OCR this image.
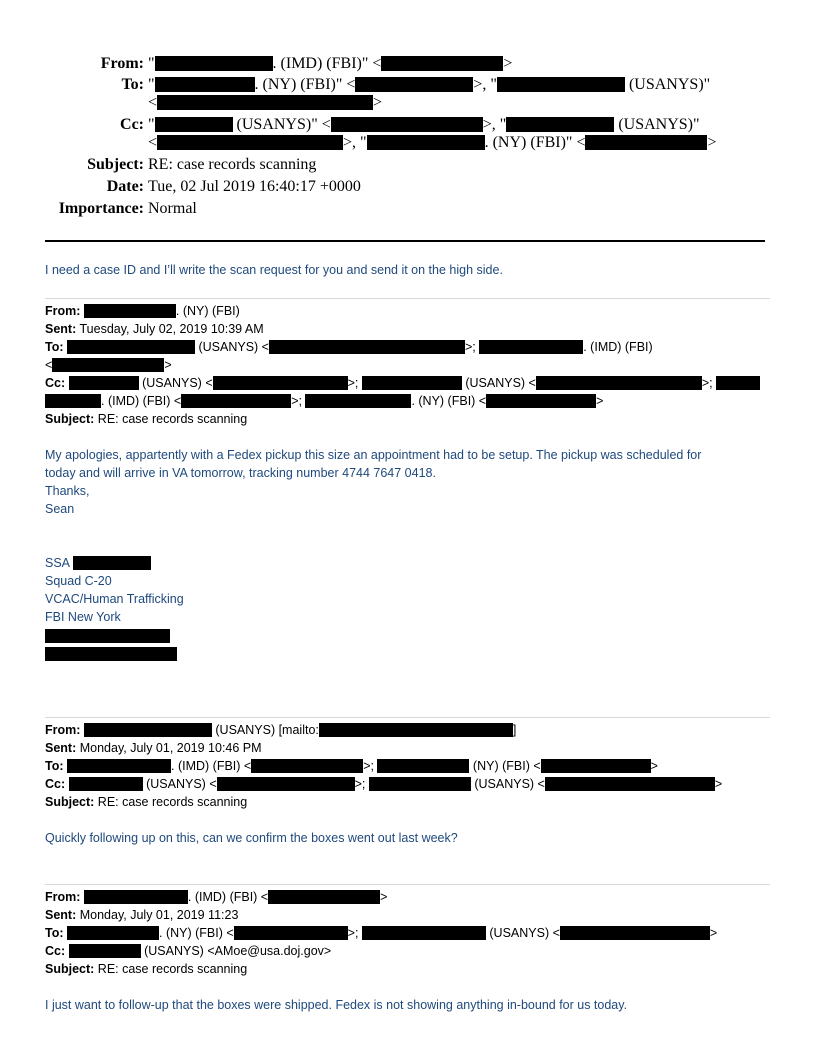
From: "	. (IMD) (FBI)" <	>
To: "	. (NY) (FBI)" <	>, "	(USANYS)"
<	>
Cc: "	(USANYS)" <	>, "	(USANYS)"
<	>, "	. (NY) (FBI)" <	>
Subject: RE: case records scanning
Date: Tue, 02 Jul 2019 16:40:17 +0000
Importance: Normal
I need a case ID and I’ll write the scan request for you and send it on the high side.
From:	. (NY) (FBI)
Sent: Tuesday, July 02, 2019 10:39 AM
To:	(USANYS) <	>;	. (IMD) (FBI)
<	>
Cc:	(USANYS) <	>;	(USANYS) <	>;
. (IMD) (FBI) <	>;	. (NY) (FBI) <	>
Subject: RE: case records scanning
My apologies, appartently with a Fedex pickup this size an appointment had to be setup. The pickup was scheduled for
today and will arrive in VA tomorrow, tracking number 4744 7647 0418.
Thanks,
Sean
SSA
Squad C-20
VCAC/Human Trafficking
FBI New York
From:	(USANYS) [mailto:	]
Sent: Monday, July 01, 2019 10:46 PM
To:	. (IMD) (FBI) <	>;	(NY) (FBI) <	>
Cc:	(USANYS) <	>;	(USANYS) <	>
Subject: RE: case records scanning
Quickly following up on this, can we confirm the boxes went out last week?
From:	. (IMD) (FBI) <	>
Sent: Monday, July 01, 2019 11:23
To:	. (NY) (FBI) <	>;	(USANYS) <	>
Cc:	(USANYS) <AMoe@usa.doj.gov>
Subject: RE: case records scanning
I just want to follow-up that the boxes were shipped. Fedex is not showing anything in-bound for us today.
